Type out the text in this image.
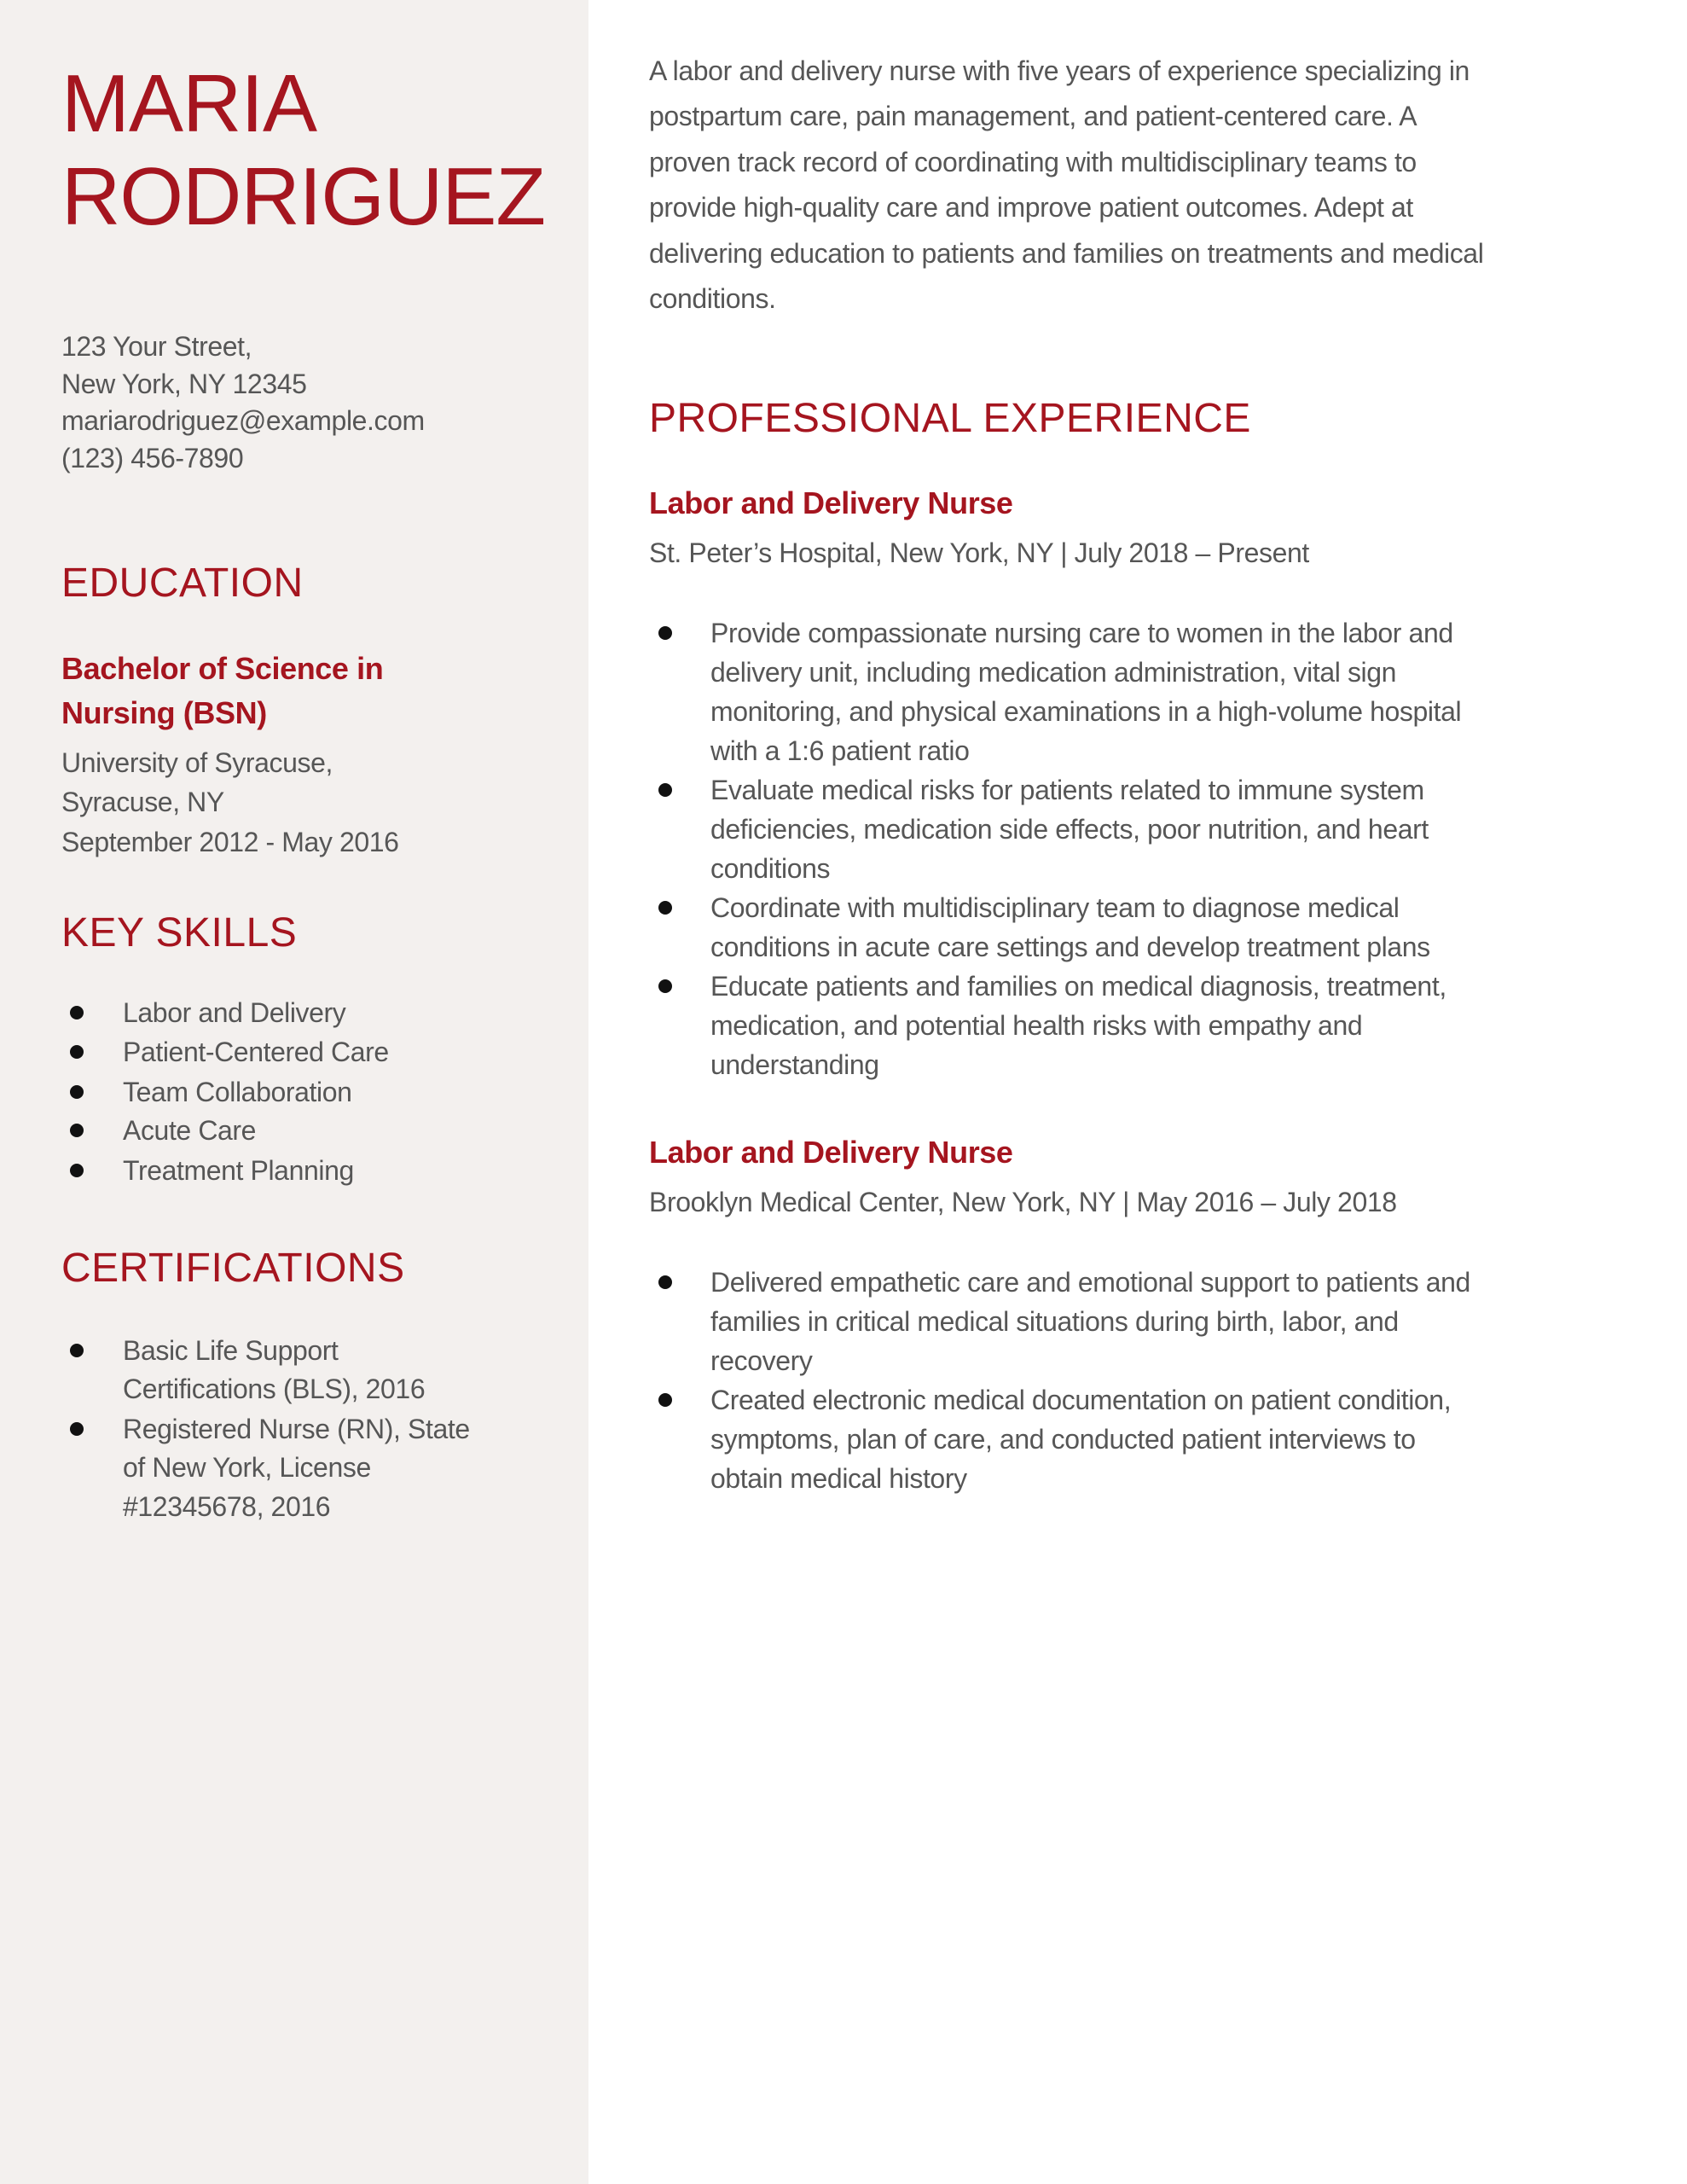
MARIA
RODRIGUEZ
123 Your Street,
New York, NY 12345
mariarodriguez@example.com
(123) 456-7890
EDUCATION
Bachelor of Science in
Nursing (BSN)
University of Syracuse,
Syracuse, NY
September 2012 - May 2016
KEY SKILLS
CERTIFICATIONS
PROFESSIONAL EXPERIENCE
Labor and Delivery
Patient-Centered Care
Team Collaboration
Acute Care
Treatment Planning
Basic Life Support
Certifications (BLS), 2016
Registered Nurse (RN), State
of New York, License
#12345678, 2016
A labor and delivery nurse with five years of experience specializing in
postpartum care, pain management, and patient-centered care. A
proven track record of coordinating with multidisciplinary teams to
provide high-quality care and improve patient outcomes. Adept at
delivering education to patients and families on treatments and medical
conditions.
Labor and Delivery Nurse
St. Peter’s Hospital, New York, NY | July 2018 – Present
Provide compassionate nursing care to women in the labor and
delivery unit, including medication administration, vital sign
monitoring, and physical examinations in a high-volume hospital
with a 1:6 patient ratio
Evaluate medical risks for patients related to immune system
deficiencies, medication side effects, poor nutrition, and heart
conditions
Coordinate with multidisciplinary team to diagnose medical
conditions in acute care settings and develop treatment plans
Educate patients and families on medical diagnosis, treatment,
medication, and potential health risks with empathy and
understanding
Labor and Delivery Nurse
Brooklyn Medical Center, New York, NY | May 2016 – July 2018
Delivered empathetic care and emotional support to patients and
families in critical medical situations during birth, labor, and
recovery
Created electronic medical documentation on patient condition,
symptoms, plan of care, and conducted patient interviews to
obtain medical history
